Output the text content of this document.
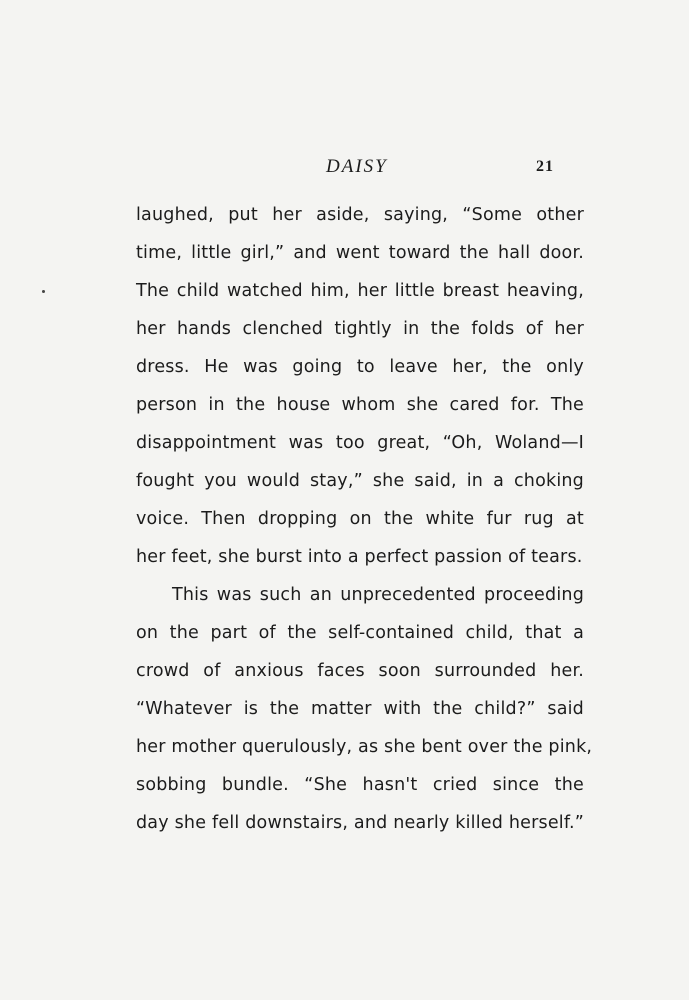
DAISY	21
laughed, put her aside, saying, “Some other
time, little girl,” and went toward the hall door.
The child watched him, her little breast heaving,
her hands clenched tightly in the folds of her
dress. He was going to leave her, the only
person in the house whom she cared for. The
disappointment was too great, “Oh, Woland—I
fought you would stay,” she said, in a choking
voice. Then dropping on the white fur rug at
her feet, she burst into a perfect passion of tears.
This was such an unprecedented proceeding
on the part of the self-contained child, that a
crowd of anxious faces soon surrounded her.
“Whatever is the matter with the child?” said
her mother querulously, as she bent over the pink,
sobbing bundle. “She hasn't cried since the
day she fell downstairs, and nearly killed herself.”
